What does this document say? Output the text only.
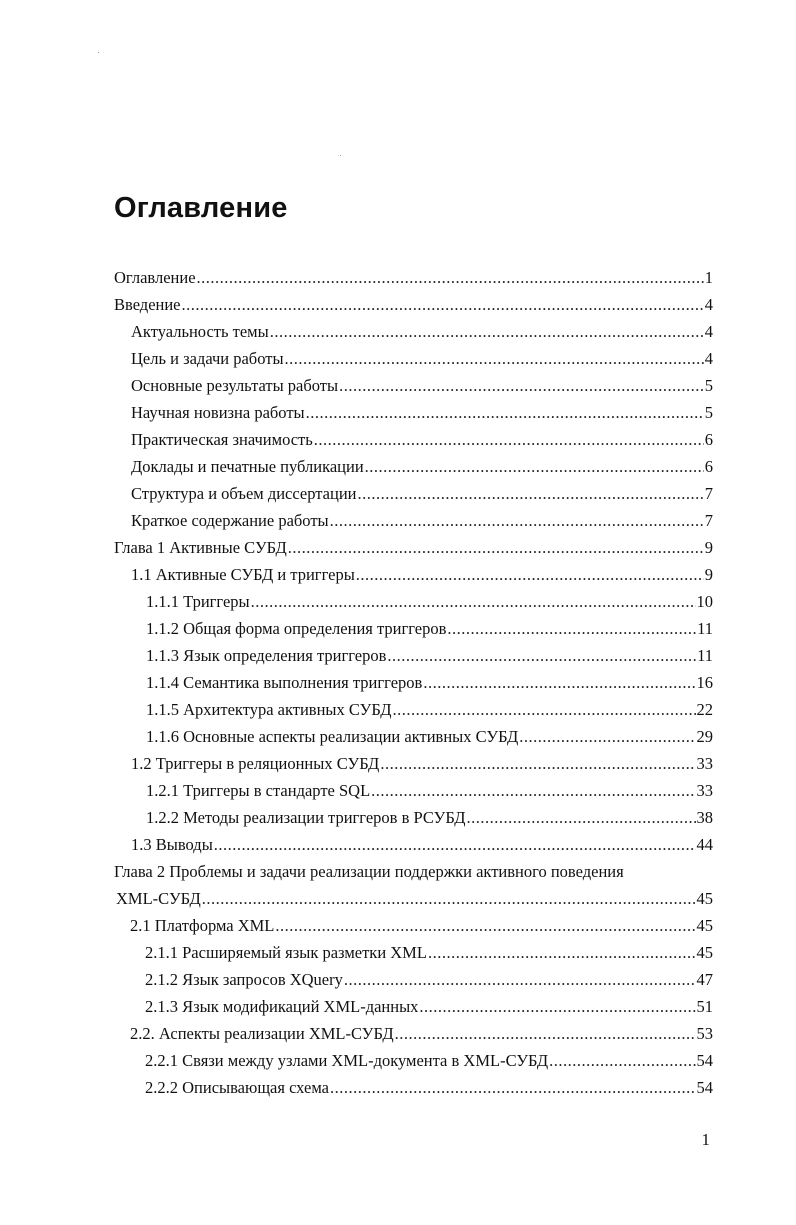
Оглавление
Оглавление .....	1
Введение .....	4
Актуальность темы .....	4
Цель и задачи работы .....	4
Основные результаты работы .....	5
Научная новизна работы .....	5
Практическая значимость .....	6
Доклады и печатные публикации .....	6
Структура и объем диссертации .....	7
Краткое содержание работы .....	7
Глава 1 Активные СУБД .....	9
1.1 Активные СУБД и триггеры .....	9
1.1.1 Триггеры .....	10
1.1.2 Общая форма определения триггеров .....	11
1.1.3 Язык определения триггеров .....	11
1.1.4 Семантика выполнения триггеров .....	16
1.1.5 Архитектура активных СУБД .....	22
1.1.6 Основные аспекты реализации активных СУБД .....	29
1.2 Триггеры в реляционных СУБД .....	33
1.2.1 Триггеры в стандарте SQL .....	33
1.2.2 Методы реализации триггеров в РСУБД .....	38
1.3 Выводы .....	44
Глава 2 Проблемы и задачи реализации поддержки активного поведения
XML-СУБД .....	45
2.1 Платформа XML .....	45
2.1.1 Расширяемый язык разметки XML .....	45
2.1.2 Язык запросов XQuery .....	47
2.1.3 Язык модификаций XML-данных .....	51
2.2. Аспекты реализации XML-СУБД .....	53
2.2.1 Связи между узлами XML-документа в XML-СУБД .....	54
2.2.2 Описывающая схема .....	54
1
